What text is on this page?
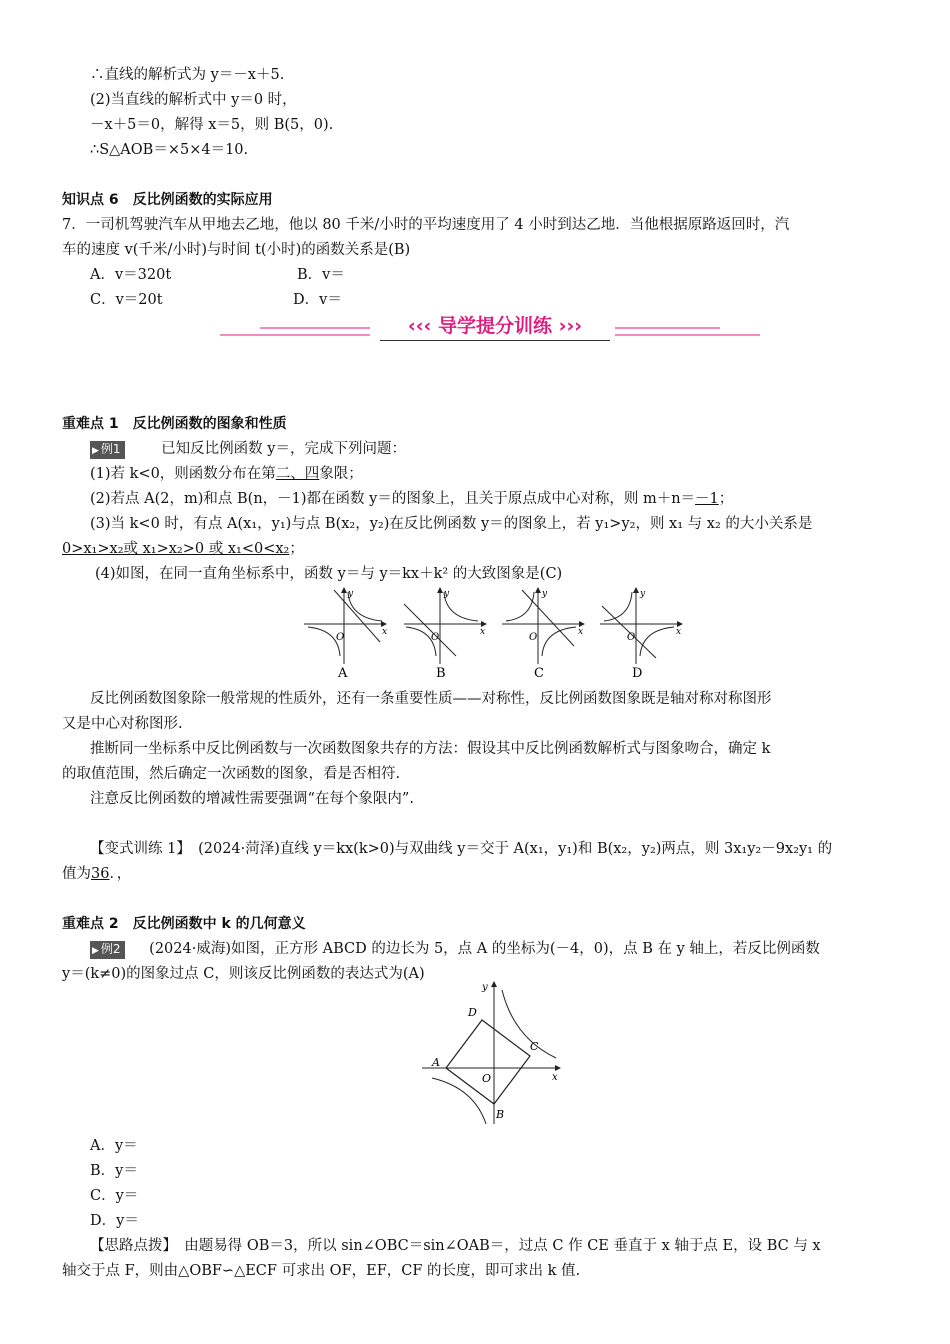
∴直线的解析式为 y＝－x＋5.
(2)当直线的解析式中 y＝0 时，
－x＋5＝0，解得 x＝5，则 B(5，0).
∴S△AOB＝×5×4＝10.
知识点 6　反比例函数的实际应用
7．一司机驾驶汽车从甲地去乙地，他以 80 千米/小时的平均速度用了 4 小时到达乙地．当他根据原路返回时，汽
车的速度 v(千米/小时)与时间 t(小时)的函数关系是(B)
A．v＝320t	B．v＝
C．v＝20t	D．v＝
‹‹‹ 导学提分训练 ›››
重难点 1　反比例函数的图象和性质
▶ 例1	已知反比例函数 y＝，完成下列问题：
(1)若 k<0，则函数分布在第二、四象限；
(2)若点 A(2，m)和点 B(n，－1)都在函数 y＝的图象上，且关于原点成中心对称，则 m＋n＝－1；
(3)当 k<0 时，有点 A(x₁，y₁)与点 B(x₂，y₂)在反比例函数 y＝的图象上，若 y₁>y₂，则 x₁ 与 x₂ 的大小关系是
0>x₁>x₂或 x₁>x₂>0 或 x₁<0<x₂；
(4)如图，在同一直角坐标系中，函数 y＝与 y＝kx＋k² 的大致图象是(C)
O
y
x
A
O
y
x
B
O
y
x
C
O
y
x
D
反比例函数图象除一般常规的性质外，还有一条重要性质——对称性，反比例函数图象既是轴对称对称图形
又是中心对称图形.
推断同一坐标系中反比例函数与一次函数图象共存的方法：假设其中反比例函数解析式与图象吻合，确定 k
的取值范围，然后确定一次函数的图象，看是否相符.
注意反比例函数的增减性需要强调“在每个象限内”.
【变式训练 1】　(2024·菏泽)直线 y＝kx(k>0)与双曲线 y＝交于 A(x₁，y₁)和 B(x₂，y₂)两点，则 3x₁y₂－9x₂y₁ 的
值为36．，
重难点 2　反比例函数中 k 的几何意义
▶ 例2 (2024·威海)如图，正方形 ABCD 的边长为 5，点 A 的坐标为(－4，0)，点 B 在 y 轴上，若反比例函数
y＝(k≠0)的图象过点 C，则该反比例函数的表达式为(A)
A
B
C
D
O	x
y
A．y＝
B．y＝
C．y＝
D．y＝
【思路点拨】　由题易得 OB＝3，所以 sin∠OBC＝sin∠OAB＝，过点 C 作 CE 垂直于 x 轴于点 E，设 BC 与 x
轴交于点 F，则由△OBF∽△ECF 可求出 OF，EF，CF 的长度，即可求出 k 值.
